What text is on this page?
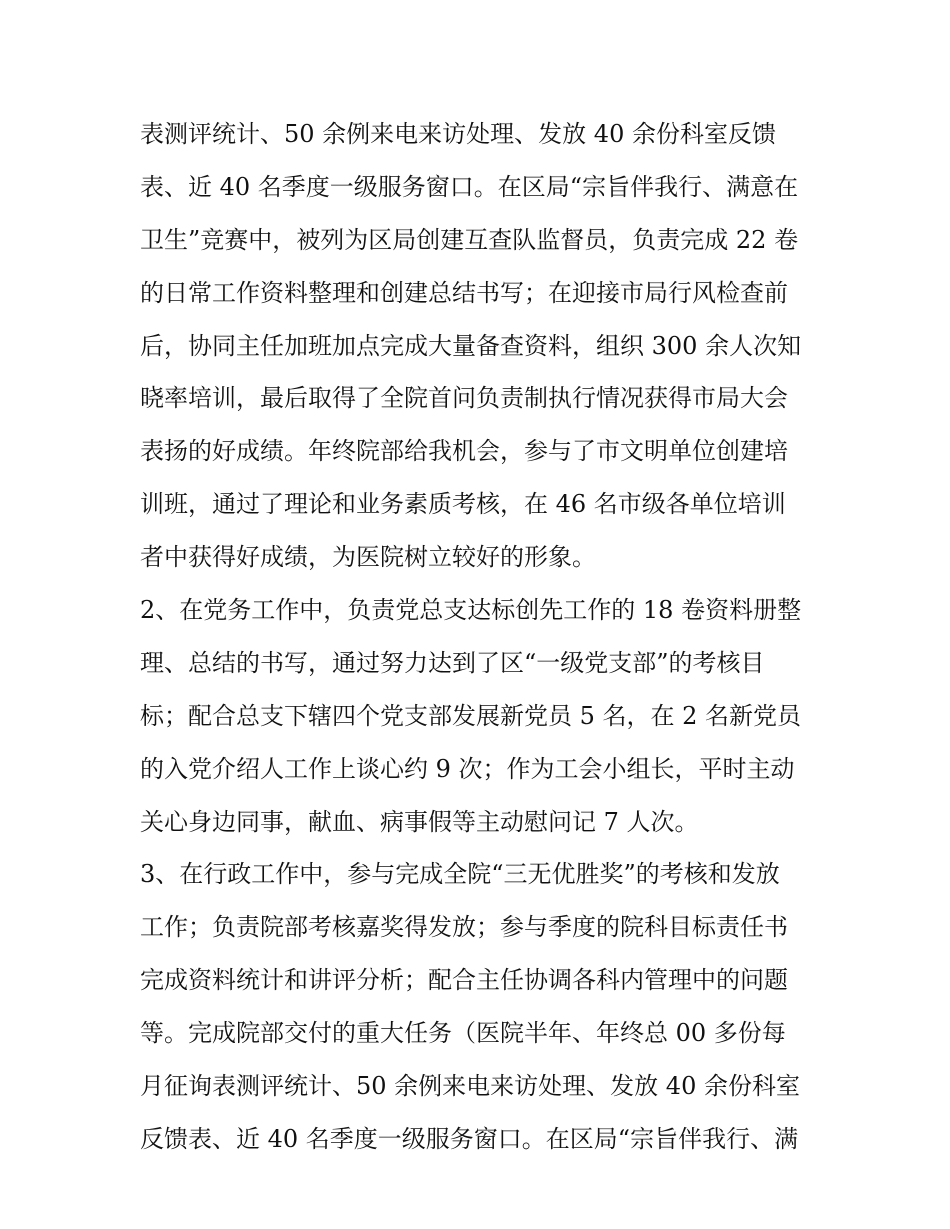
表测评统计、50 余例来电来访处理、发放 40 余份科室反馈
表、近 40 名季度一级服务窗口。在区局“宗旨伴我行、满意在
卫生”竞赛中，被列为区局创建互查队监督员，负责完成 22 卷
的日常工作资料整理和创建总结书写；在迎接市局行风检查前
后，协同主任加班加点完成大量备查资料，组织 300 余人次知
晓率培训，最后取得了全院首问负责制执行情况获得市局大会
表扬的好成绩。年终院部给我机会，参与了市文明单位创建培
训班，通过了理论和业务素质考核，在 46 名市级各单位培训
者中获得好成绩，为医院树立较好的形象。
2、在党务工作中，负责党总支达标创先工作的 18 卷资料册整
理、总结的书写，通过努力达到了区“一级党支部”的考核目
标；配合总支下辖四个党支部发展新党员 5 名，在 2 名新党员
的入党介绍人工作上谈心约 9 次；作为工会小组长，平时主动
关心身边同事，献血、病事假等主动慰问记 7 人次。
3、在行政工作中，参与完成全院“三无优胜奖”的考核和发放
工作；负责院部考核嘉奖得发放；参与季度的院科目标责任书
完成资料统计和讲评分析；配合主任协调各科内管理中的问题
等。完成院部交付的重大任务（医院半年、年终总 00 多份每
月征询表测评统计、50 余例来电来访处理、发放 40 余份科室
反馈表、近 40 名季度一级服务窗口。在区局“宗旨伴我行、满
